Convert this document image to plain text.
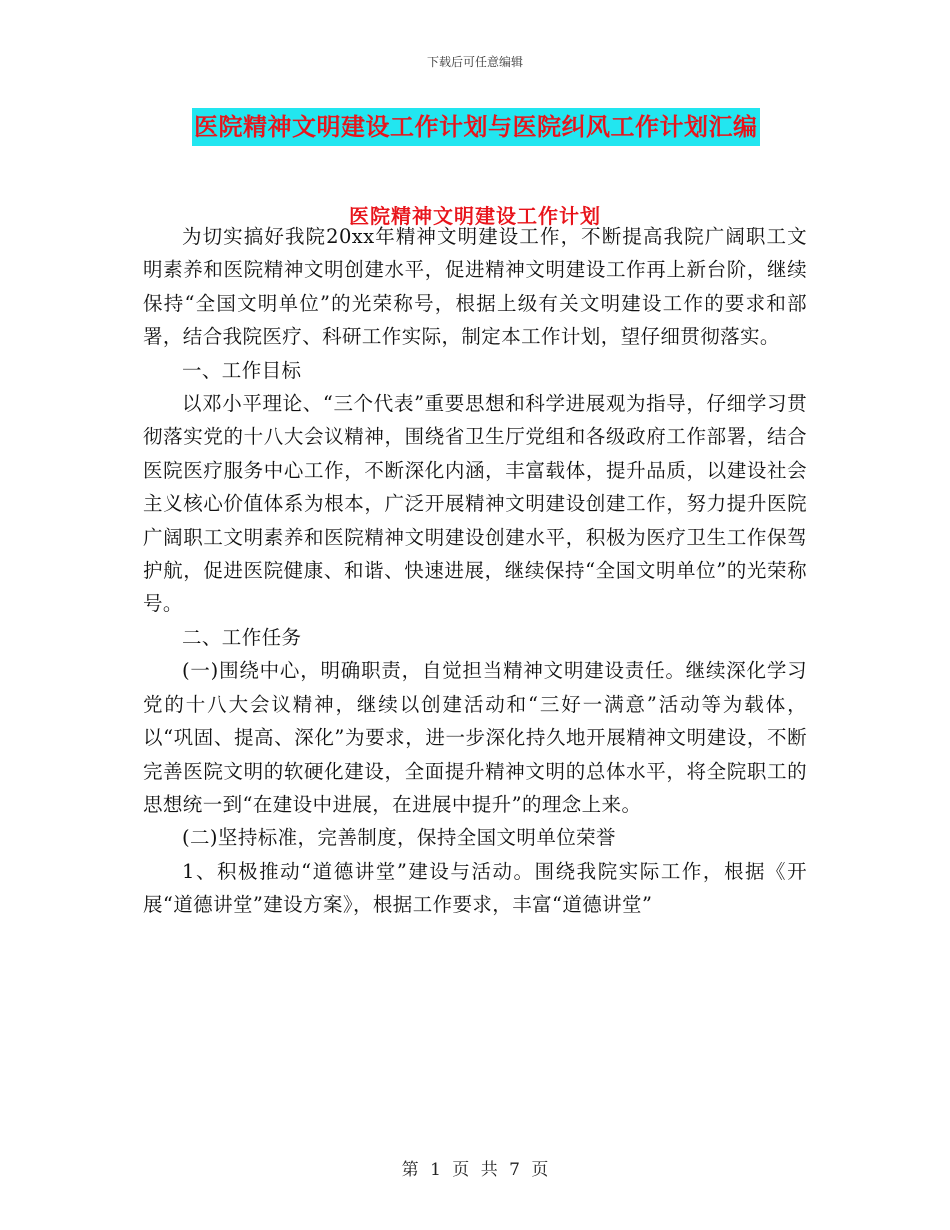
下载后可任意编辑
医院精神文明建设工作计划与医院纠风工作计划汇编
医院精神文明建设工作计划

为切实搞好我院20xx年精神文明建设工作，不断提高我院广阔职工文明素养和医院精神文明创建水平，促进精神文明建设工作再上新台阶，继续保持“全国文明单位”的光荣称号，根据上级有关文明建设工作的要求和部署，结合我院医疗、科研工作实际，制定本工作计划，望仔细贯彻落实。

一、工作目标

以邓小平理论、“三个代表”重要思想和科学进展观为指导，仔细学习贯彻落实党的十八大会议精神，围绕省卫生厅党组和各级政府工作部署，结合医院医疗服务中心工作，不断深化内涵，丰富载体，提升品质，以建设社会主义核心价值体系为根本，广泛开展精神文明建设创建工作，努力提升医院广阔职工文明素养和医院精神文明建设创建水平，积极为医疗卫生工作保驾护航，促进医院健康、和谐、快速进展，继续保持“全国文明单位”的光荣称号。

二、工作任务

(一)围绕中心，明确职责，自觉担当精神文明建设责任。继续深化学习党的十八大会议精神，继续以创建活动和“三好一满意”活动等为载体，以“巩固、提高、深化”为要求，进一步深化持久地开展精神文明建设，不断完善医院文明的软硬化建设，全面提升精神文明的总体水平，将全院职工的思想统一到“在建设中进展，在进展中提升”的理念上来。

(二)坚持标准，完善制度，保持全国文明单位荣誉

1、积极推动“道德讲堂”建设与活动。围绕我院实际工作，根据《开展“道德讲堂”建设方案》，根据工作要求，丰富“道德讲堂”

第 1 页 共 7 页
